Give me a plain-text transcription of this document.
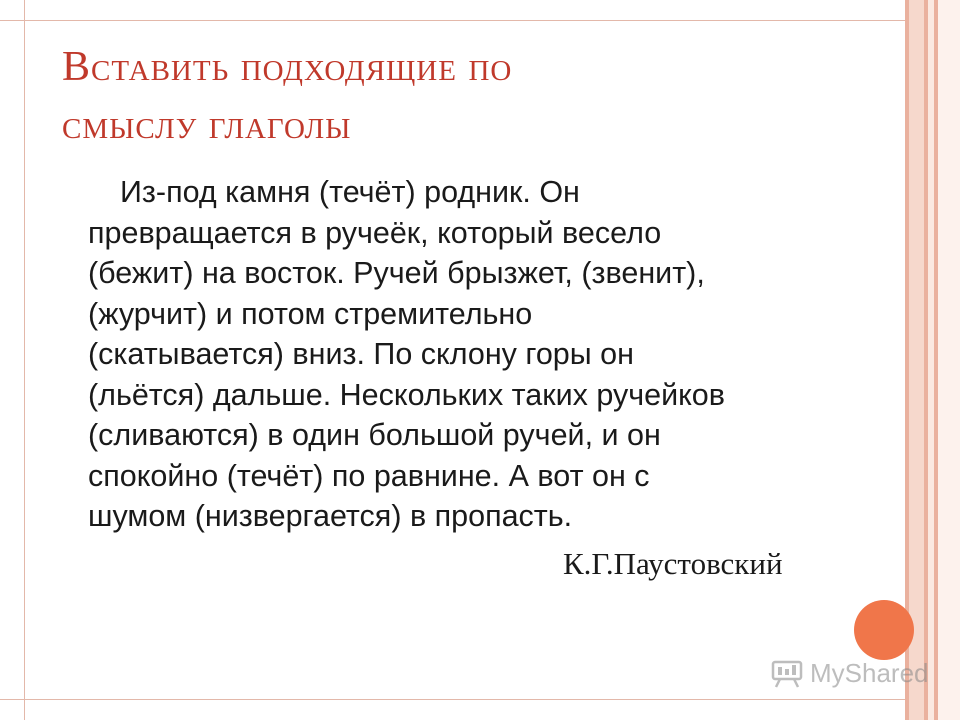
Вставить подходящие по
смыслу глаголы
Из-под камня (течёт) родник. Он
превращается в ручеёк, который весело
(бежит) на восток. Ручей брызжет, (звенит),
(журчит) и потом стремительно
(скатывается) вниз. По склону горы он
(льётся) дальше. Нескольких таких ручейков
(сливаются) в один большой ручей, и он
спокойно (течёт) по равнине. А вот он с
шумом (низвергается) в пропасть.
К.Г.Паустовский
MyShared
